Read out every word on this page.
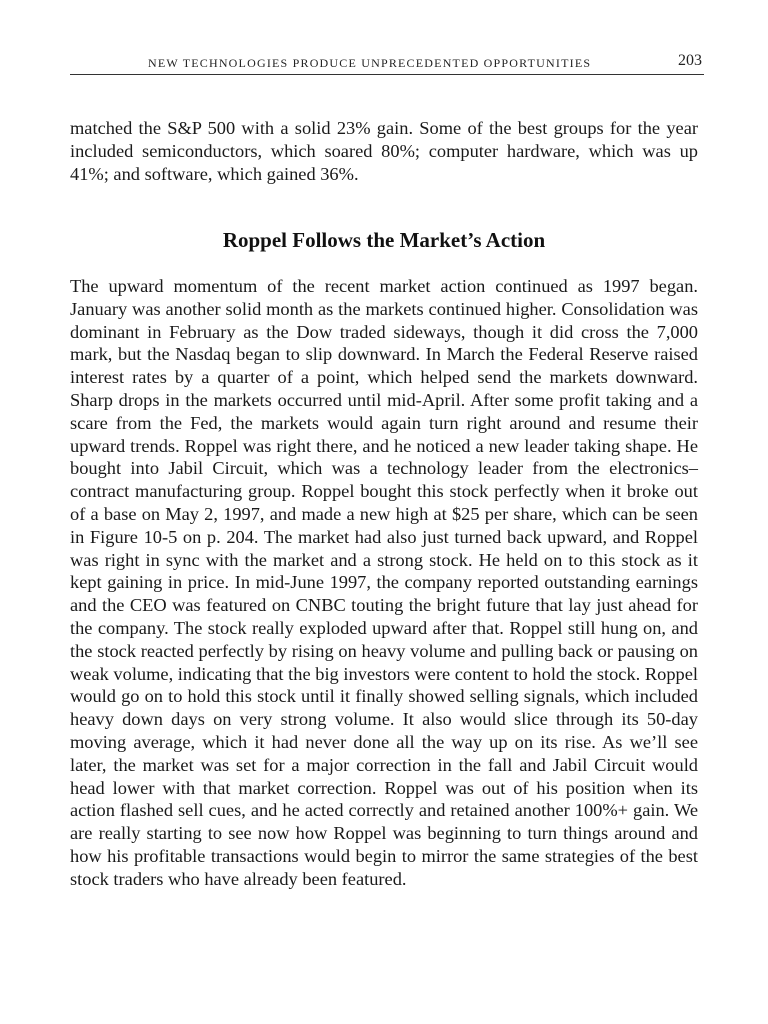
NEW TECHNOLOGIES PRODUCE UNPRECEDENTED OPPORTUNITIES	203

matched the S&P 500 with a solid 23% gain. Some of the best groups for the year included semiconductors, which soared 80%; computer hardware, which was up 41%; and software, which gained 36%.

Roppel Follows the Market’s Action

The upward momentum of the recent market action continued as 1997 began. January was another solid month as the markets continued higher. Consolidation was dominant in February as the Dow traded sideways, though it did cross the 7,000 mark, but the Nasdaq began to slip downward. In March the Federal Reserve raised interest rates by a quarter of a point, which helped send the markets downward. Sharp drops in the markets occurred until mid-April. After some profit taking and a scare from the Fed, the markets would again turn right around and resume their upward trends. Roppel was right there, and he noticed a new leader taking shape. He bought into Jabil Circuit, which was a technology leader from the electronics–contract manufacturing group. Roppel bought this stock perfectly when it broke out of a base on May 2, 1997, and made a new high at $25 per share, which can be seen in Figure 10-5 on p. 204. The market had also just turned back upward, and Roppel was right in sync with the market and a strong stock. He held on to this stock as it kept gaining in price. In mid-June 1997, the company reported outstanding earnings and the CEO was featured on CNBC touting the bright future that lay just ahead for the company. The stock really exploded upward after that. Roppel still hung on, and the stock reacted perfectly by rising on heavy volume and pulling back or pausing on weak volume, indicating that the big investors were content to hold the stock. Roppel would go on to hold this stock until it finally showed selling signals, which included heavy down days on very strong volume. It also would slice through its 50-day moving average, which it had never done all the way up on its rise. As we’ll see later, the market was set for a major correction in the fall and Jabil Circuit would head lower with that market correction. Roppel was out of his position when its action flashed sell cues, and he acted correctly and retained another 100%+ gain. We are really starting to see now how Roppel was beginning to turn things around and how his profitable transactions would begin to mirror the same strategies of the best stock traders who have already been featured.
